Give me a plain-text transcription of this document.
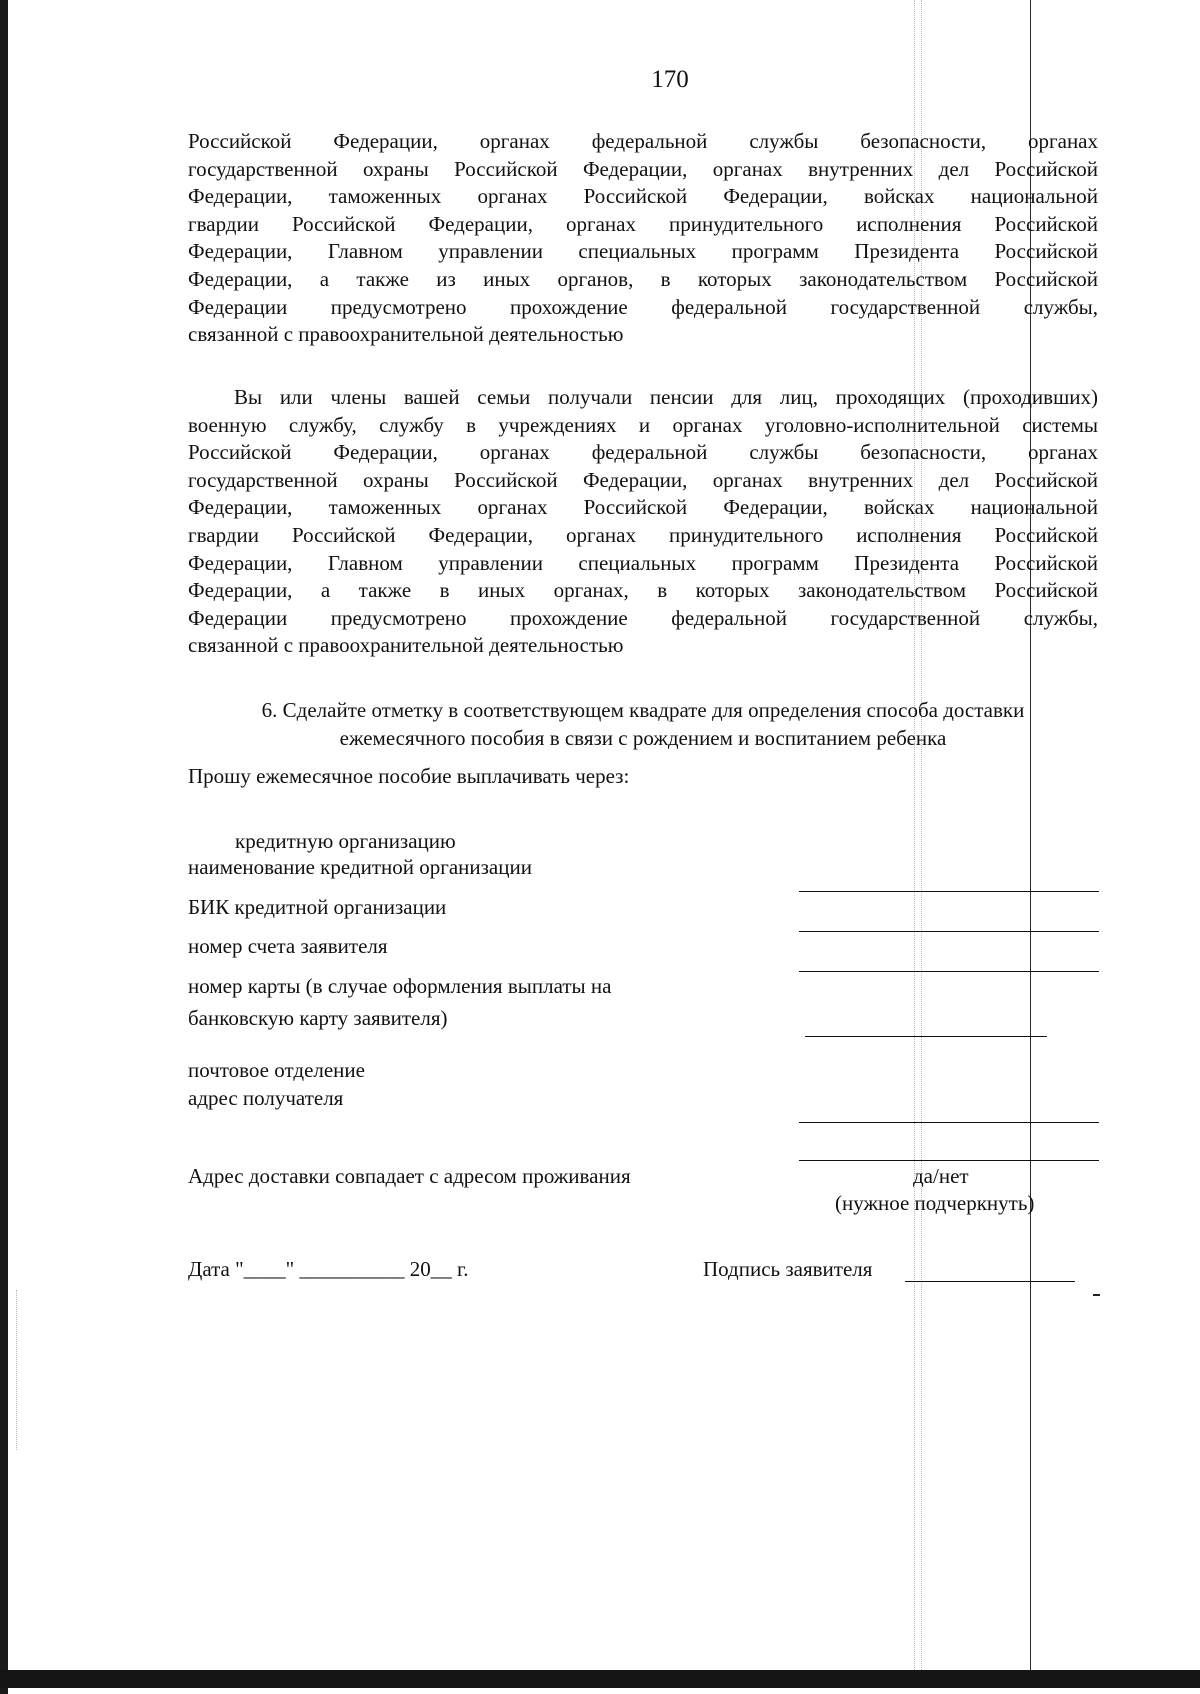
170
Российской Федерации, органах федеральной службы безопасности, органах
государственной охраны Российской Федерации, органах внутренних дел Российской
Федерации, таможенных органах Российской Федерации, войсках национальной
гвардии Российской Федерации, органах принудительного исполнения Российской
Федерации, Главном управлении специальных программ Президента Российской
Федерации, а также из иных органов, в которых законодательством Российской
Федерации предусмотрено прохождение федеральной государственной службы,
связанной с правоохранительной деятельностью
Вы или члены вашей семьи получали пенсии для лиц, проходящих (проходивших)
военную службу, службу в учреждениях и органах уголовно-исполнительной системы
Российской Федерации, органах федеральной службы безопасности, органах
государственной охраны Российской Федерации, органах внутренних дел Российской
Федерации, таможенных органах Российской Федерации, войсках национальной
гвардии Российской Федерации, органах принудительного исполнения Российской
Федерации, Главном управлении специальных программ Президента Российской
Федерации, а также в иных органах, в которых законодательством Российской
Федерации предусмотрено прохождение федеральной государственной службы,
связанной с правоохранительной деятельностью
6. Сделайте отметку в соответствующем квадрате для определения способа доставки
ежемесячного пособия в связи с рождением и воспитанием ребенка
Прошу ежемесячное пособие выплачивать через:
кредитную организацию
наименование кредитной организации
БИК кредитной организации
номер счета заявителя
номер карты (в случае оформления выплаты на
банковскую карту заявителя)
почтовое отделение
адрес получателя
Адрес доставки совпадает с адресом проживания	да/нет
(нужное подчеркнуть)
Дата "____" __________ 20__ г.	Подпись заявителя
